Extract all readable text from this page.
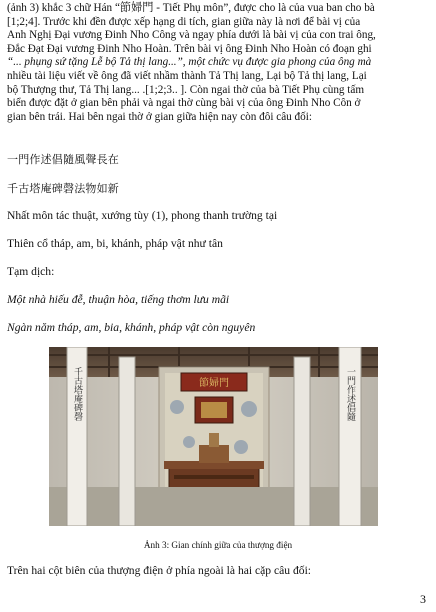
(ảnh 3) khắc 3 chữ Hán “節婦門 - Tiết Phụ môn”, được cho là của vua ban cho bà
[1;2;4]. Trước khi đền được xếp hạng di tích, gian giữa này là nơi để bài vị của
Anh Nghị Đại vương Đinh Nho Công và ngay phía dưới là bài vị của con trai ông,
Đắc Đạt Đại vương Đinh Nho Hoàn. Trên bài vị ông Đinh Nho Hoàn có đoạn ghi
“... phụng sứ tặng Lễ bộ Tả thị lang...”, một chức vụ được gia phong của ông mà
nhiều tài liệu viết về ông đã viết nhầm thành Tả Thị lang, Lại bộ Tả thị lang, Lại
bộ Thượng thư, Tả Thị lang... .[1;2;3.. ]. Còn ngai thờ của bà Tiết Phụ cùng tấm
biển được đặt ở gian bên phải và ngai thờ cùng bài vị của ông Đinh Nho Côn ở
gian bên trái. Hai bên ngai thờ ở gian giữa hiện nay còn đôi câu đối:
一門作述倡隨風聲長在
千古塔庵碑磬法物如新
Nhất môn tác thuật, xướng tùy (1), phong thanh trường tại
Thiên cổ tháp, am, bi, khánh, pháp vật như tân
Tạm dịch:
Một nhà hiếu đễ, thuận hòa, tiếng thơm lưu mãi
Ngàn năm tháp, am, bia, khánh, pháp vật còn nguyên
節婦門
千古塔庵碑磬	一門作述倡隨
Ảnh 3: Gian chính giữa của thượng điện
Trên hai cột biên của thượng điện ở phía ngoài là hai cặp câu đối:
3
